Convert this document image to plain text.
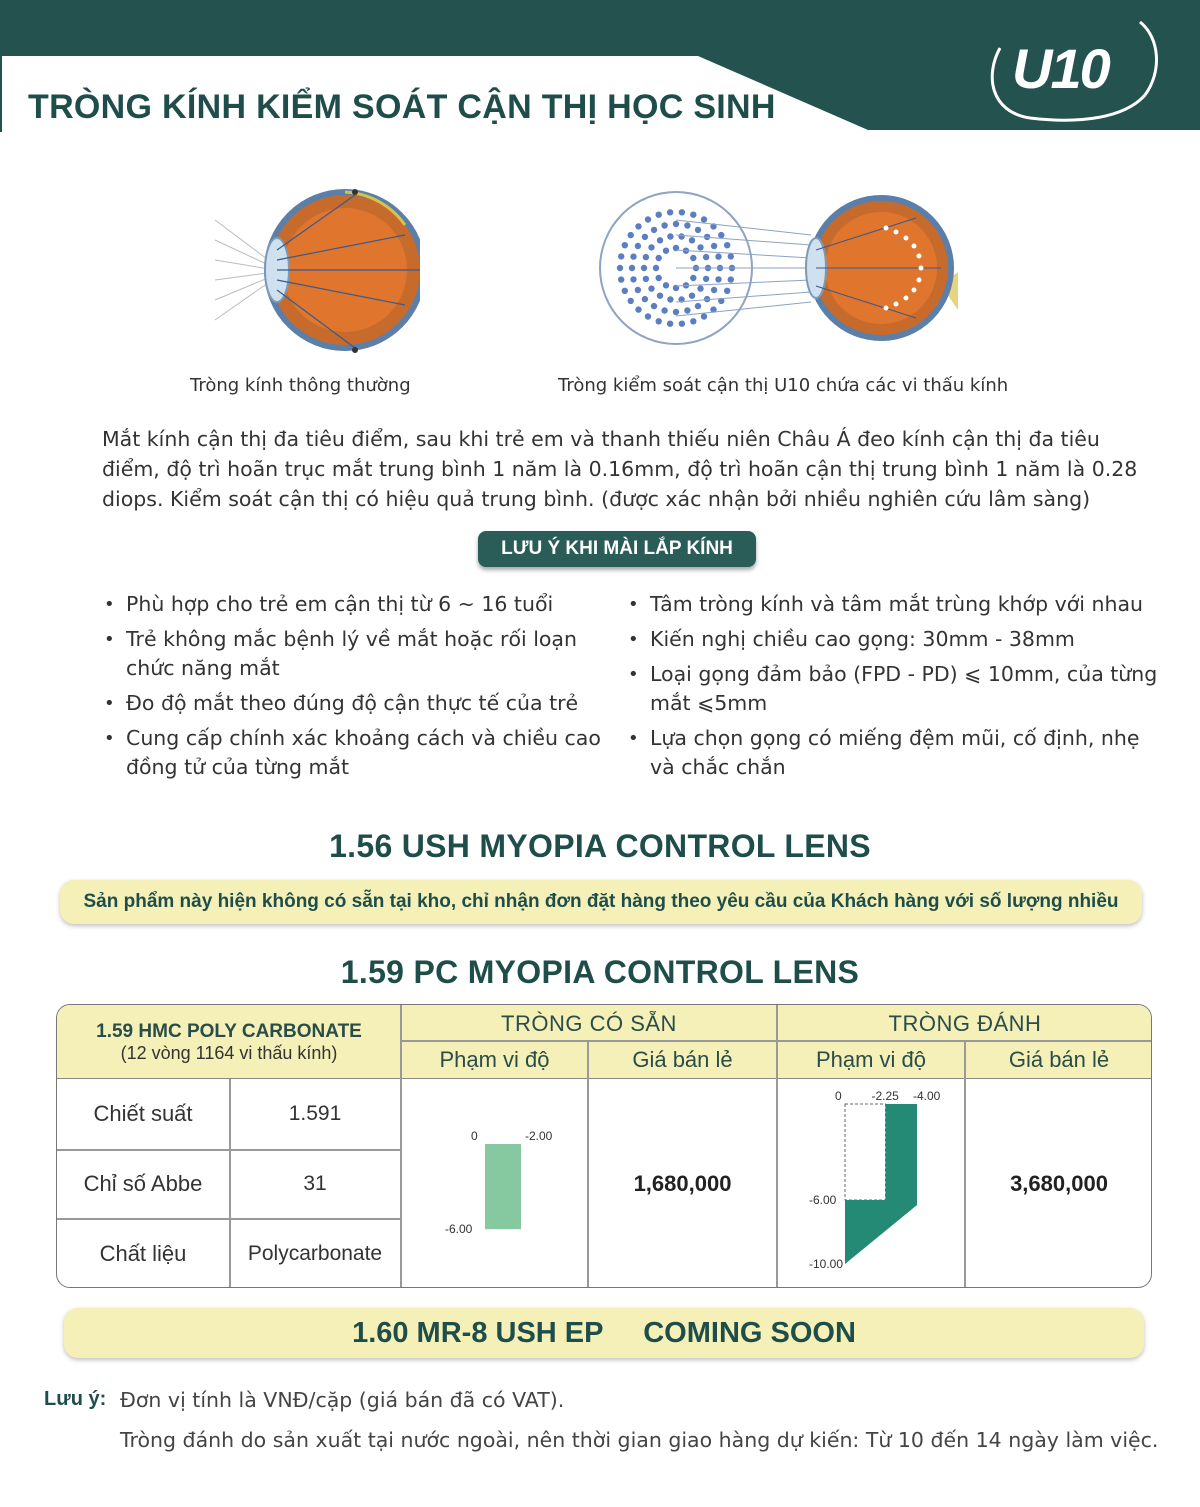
TRÒNG KÍNH KIỂM SOÁT CẬN THỊ HỌC SINH
U10
Tròng kính thông thường	Tròng kiểm soát cận thị U10 chứa các vi thấu kính
Mắt kính cận thị đa tiêu điểm, sau khi trẻ em và thanh thiếu niên Châu Á đeo kính cận thị đa tiêu điểm, độ trì hoãn trục mắt trung bình 1 năm là 0.16mm, độ trì hoãn cận thị trung bình 1 năm là 0.28 diops. Kiểm soát cận thị có hiệu quả trung bình. (được xác nhận bởi nhiều nghiên cứu lâm sàng)
LƯU Ý KHI MÀI LẮP KÍNH
• Phù hợp cho trẻ em cận thị từ 6 ~ 16 tuổi
• Trẻ không mắc bệnh lý về mắt hoặc rối loạn chức năng mắt
• Đo độ mắt theo đúng độ cận thực tế của trẻ
• Cung cấp chính xác khoảng cách và chiều cao đồng tử của từng mắt
• Tâm tròng kính và tâm mắt trùng khớp với nhau
• Kiến nghị chiều cao gọng: 30mm - 38mm
• Loại gọng đảm bảo (FPD - PD) ⩽ 10mm, của từng mắt ⩽5mm
• Lựa chọn gọng có miếng đệm mũi, cố định, nhẹ và chắc chắn
1.56 USH MYOPIA CONTROL LENS
Sản phẩm này hiện không có sẵn tại kho, chỉ nhận đơn đặt hàng theo yêu cầu của Khách hàng với số lượng nhiều
1.59 PC MYOPIA CONTROL LENS
1.59 HMC POLY CARBONATE
(12 vòng 1164 vi thấu kính)
TRÒNG CÓ SẴN	TRÒNG ĐÁNH
Phạm vi độ	Giá bán lẻ	Phạm vi độ	Giá bán lẻ
Chiết suất	1.591
Chỉ số Abbe	31
Chất liệu	Polycarbonate
0	-2.00
-6.00
1,680,000
0 -2.25 -4.00
-6.00
-10.00
3,680,000
1.60 MR-8 USH EP     COMING SOON
Lưu ý: Đơn vị tính là VNĐ/cặp (giá bán đã có VAT).
Tròng đánh do sản xuất tại nước ngoài, nên thời gian giao hàng dự kiến: Từ 10 đến 14 ngày làm việc.
